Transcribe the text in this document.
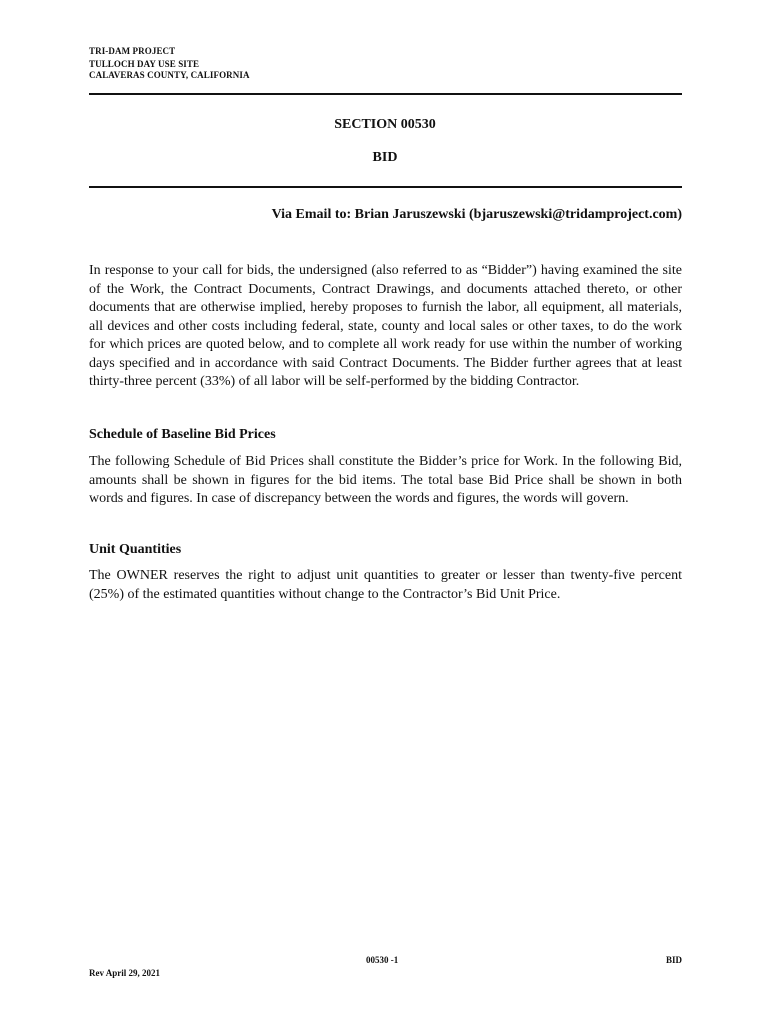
TRI-DAM PROJECT
TULLOCH DAY USE SITE
CALAVERAS COUNTY, CALIFORNIA
SECTION 00530
BID
Via Email to: Brian Jaruszewski (bjaruszewski@tridamproject.com)

In response to your call for bids, the undersigned (also referred to as “Bidder”) having examined the site of the Work, the Contract Documents, Contract Drawings, and documents attached thereto, or other documents that are otherwise implied, hereby proposes to furnish the labor, all equipment, all materials, all devices and other costs including federal, state, county and local sales or other taxes, to do the work for which prices are quoted below, and to complete all work ready for use within the number of working days specified and in accordance with said Contract Documents. The Bidder further agrees that at least thirty-three percent (33%) of all labor will be self-performed by the bidding Contractor.

Schedule of Baseline Bid Prices

The following Schedule of Bid Prices shall constitute the Bidder’s price for Work. In the following Bid, amounts shall be shown in figures for the bid items. The total base Bid Price shall be shown in both words and figures. In case of discrepancy between the words and figures, the words will govern.

Unit Quantities

The OWNER reserves the right to adjust unit quantities to greater or lesser than twenty-five percent (25%) of the estimated quantities without change to the Contractor’s Bid Unit Price.

00530 -1	BID
Rev April 29, 2021
